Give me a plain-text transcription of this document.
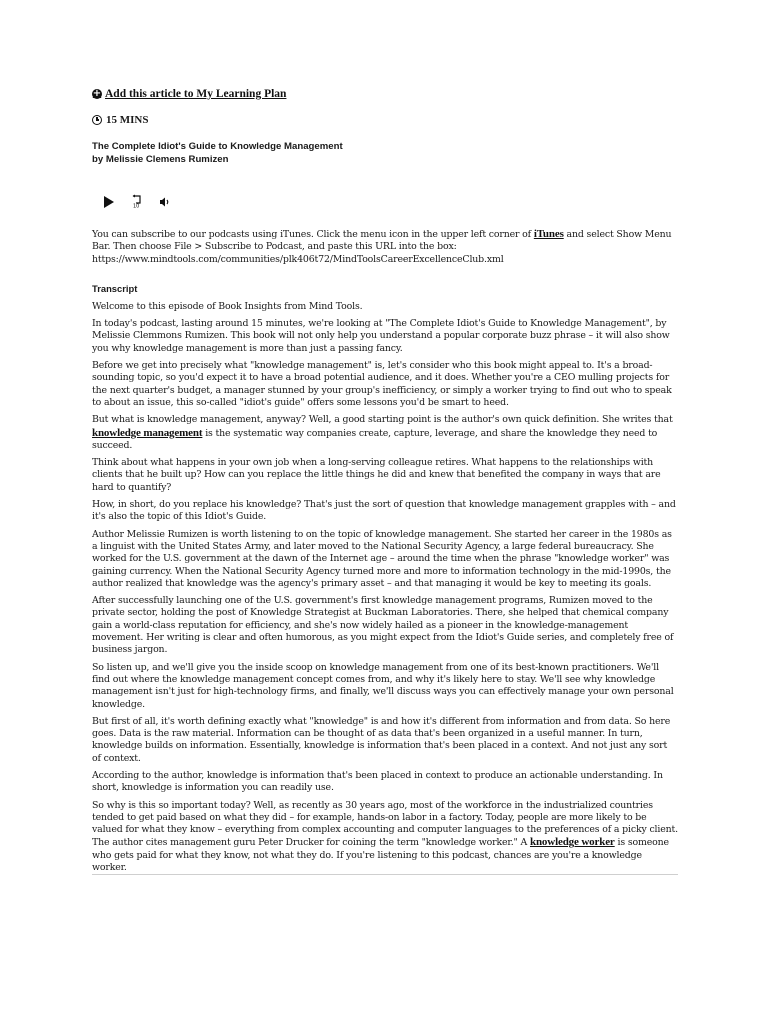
+ Add this article to My Learning Plan
15 MINS
The Complete Idiot's Guide to Knowledge Management
by Melissie Clemens Rumizen
10
You can subscribe to our podcasts using iTunes. Click the menu icon in the upper left corner of iTunes and select Show Menu Bar. Then choose File > Subscribe to Podcast, and paste this URL into the box: https://www.mindtools.com/communities/plk406t72/MindToolsCareerExcellenceClub.xml
Transcript

Welcome to this episode of Book Insights from Mind Tools.

In today's podcast, lasting around 15 minutes, we're looking at "The Complete Idiot's Guide to Knowledge Management", by Melissie Clemmons Rumizen. This book will not only help you understand a popular corporate buzz phrase – it will also show you why knowledge management is more than just a passing fancy.

Before we get into precisely what "knowledge management" is, let's consider who this book might appeal to. It's a broad-sounding topic, so you'd expect it to have a broad potential audience, and it does. Whether you're a CEO mulling projects for the next quarter's budget, a manager stunned by your group's inefficiency, or simply a worker trying to find out who to speak to about an issue, this so-called "idiot's guide" offers some lessons you'd be smart to heed.

But what is knowledge management, anyway? Well, a good starting point is the author's own quick definition. She writes that knowledge management is the systematic way companies create, capture, leverage, and share the knowledge they need to succeed.

Think about what happens in your own job when a long-serving colleague retires. What happens to the relationships with clients that he built up? How can you replace the little things he did and knew that benefited the company in ways that are hard to quantify?

How, in short, do you replace his knowledge? That's just the sort of question that knowledge management grapples with – and it's also the topic of this Idiot's Guide.

Author Melissie Rumizen is worth listening to on the topic of knowledge management. She started her career in the 1980s as a linguist with the United States Army, and later moved to the National Security Agency, a large federal bureaucracy. She worked for the U.S. government at the dawn of the Internet age – around the time when the phrase "knowledge worker" was gaining currency. When the National Security Agency turned more and more to information technology in the mid-1990s, the author realized that knowledge was the agency's primary asset – and that managing it would be key to meeting its goals.

After successfully launching one of the U.S. government's first knowledge management programs, Rumizen moved to the private sector, holding the post of Knowledge Strategist at Buckman Laboratories. There, she helped that chemical company gain a world-class reputation for efficiency, and she's now widely hailed as a pioneer in the knowledge-management movement. Her writing is clear and often humorous, as you might expect from the Idiot's Guide series, and completely free of business jargon.

So listen up, and we'll give you the inside scoop on knowledge management from one of its best-known practitioners. We'll find out where the knowledge management concept comes from, and why it's likely here to stay. We'll see why knowledge management isn't just for high-technology firms, and finally, we'll discuss ways you can effectively manage your own personal knowledge.

But first of all, it's worth defining exactly what "knowledge" is and how it's different from information and from data. So here goes. Data is the raw material. Information can be thought of as data that's been organized in a useful manner. In turn, knowledge builds on information. Essentially, knowledge is information that's been placed in a context. And not just any sort of context.

According to the author, knowledge is information that's been placed in context to produce an actionable understanding. In short, knowledge is information you can readily use.

So why is this so important today? Well, as recently as 30 years ago, most of the workforce in the industrialized countries tended to get paid based on what they did – for example, hands-on labor in a factory. Today, people are more likely to be valued for what they know – everything from complex accounting and computer languages to the preferences of a picky client. The author cites management guru Peter Drucker for coining the term "knowledge worker." A knowledge worker is someone who gets paid for what they know, not what they do. If you're listening to this podcast, chances are you're a knowledge worker.
